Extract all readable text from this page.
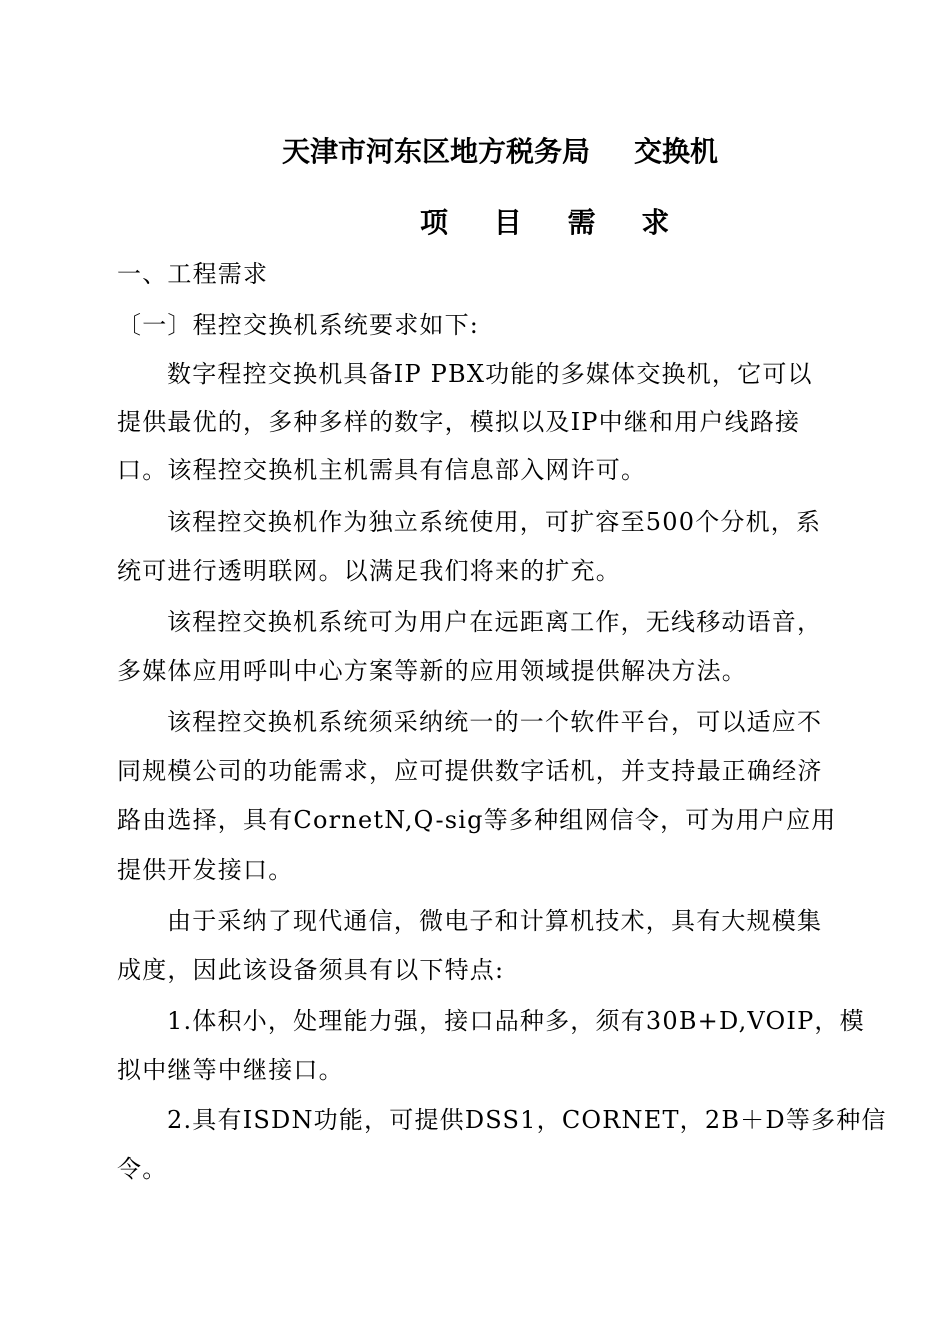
天津市河东区地方税务局 交换机
项 目 需 求
一、工程需求
〔一〕程控交换机系统要求如下:
数字程控交换机具备IP PBX功能的多媒体交换机，它可以
提供最优的，多种多样的数字，模拟以及IP中继和用户线路接
口。该程控交换机主机需具有信息部入网许可。
该程控交换机作为独立系统使用，可扩容至500个分机，系
统可进行透明联网。以满足我们将来的扩充。
该程控交换机系统可为用户在远距离工作，无线移动语音，
多媒体应用呼叫中心方案等新的应用领域提供解决方法。
该程控交换机系统须采纳统一的一个软件平台，可以适应不
同规模公司的功能需求，应可提供数字话机，并支持最正确经济
路由选择，具有CornetN,Q-sig等多种组网信令，可为用户应用
提供开发接口。
由于采纳了现代通信，微电子和计算机技术，具有大规模集
成度，因此该设备须具有以下特点:
1.体积小，处理能力强，接口品种多，须有30B+D,VOIP，模
拟中继等中继接口。
2.具有ISDN功能，可提供DSS1，CORNET，2B＋D等多种信
令。
